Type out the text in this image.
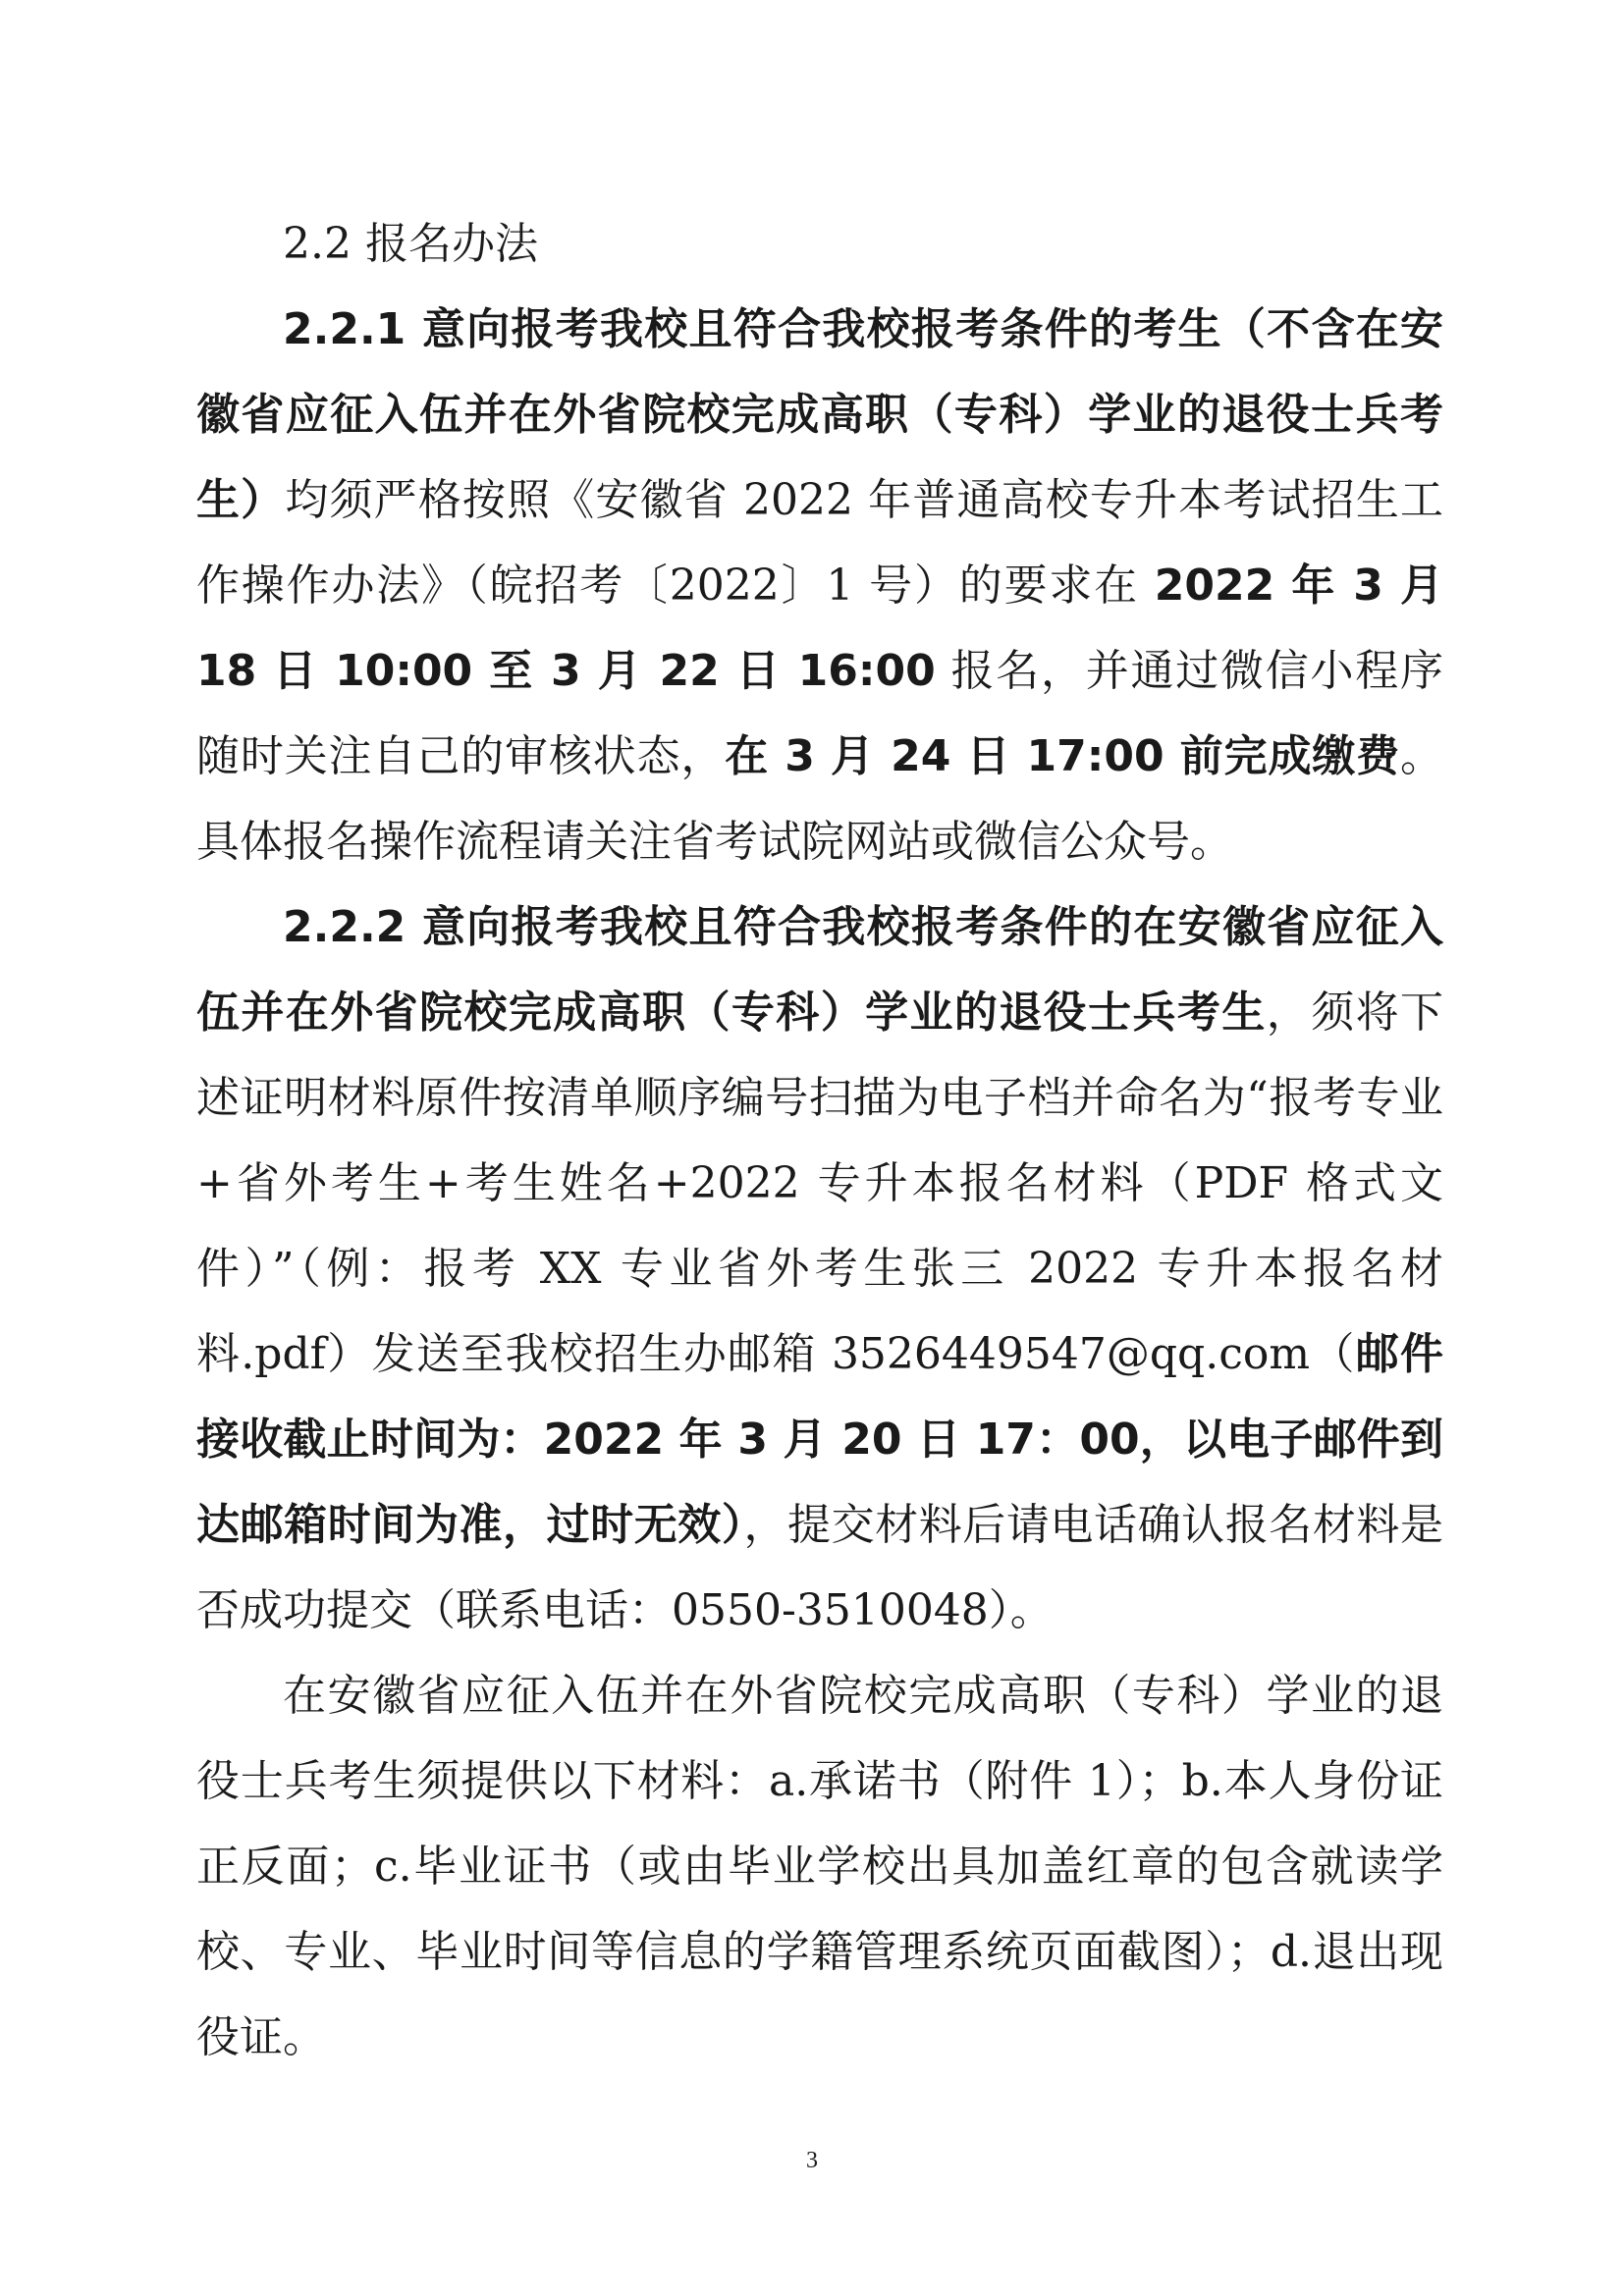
2.2 报名办法

2.2.1 意向报考我校且符合我校报考条件的考生（不含在安徽省应征入伍并在外省院校完成高职（专科）学业的退役士兵考生）均须严格按照《安徽省 2022 年普通高校专升本考试招生工作操作办法》（皖招考〔2022〕1 号）的要求在 2022 年 3 月 18 日 10:00 至 3 月 22 日 16:00 报名，并通过微信小程序随时关注自己的审核状态，在 3 月 24 日 17:00 前完成缴费。具体报名操作流程请关注省考试院网站或微信公众号。

2.2.2 意向报考我校且符合我校报考条件的在安徽省应征入伍并在外省院校完成高职（专科）学业的退役士兵考生，须将下述证明材料原件按清单顺序编号扫描为电子档并命名为“报考专业+省外考生+考生姓名+2022 专升本报名材料（PDF 格式文件）”（例：报考 XX 专业省外考生张三 2022 专升本报名材料.pdf）发送至我校招生办邮箱 3526449547@qq.com（邮件接收截止时间为：2022 年 3 月 20 日 17：00，以电子邮件到达邮箱时间为准，过时无效），提交材料后请电话确认报名材料是否成功提交（联系电话：0550-3510048）。

在安徽省应征入伍并在外省院校完成高职（专科）学业的退役士兵考生须提供以下材料：a.承诺书（附件 1）；b.本人身份证正反面；c.毕业证书（或由毕业学校出具加盖红章的包含就读学校、专业、毕业时间等信息的学籍管理系统页面截图）；d.退出现役证。

3
